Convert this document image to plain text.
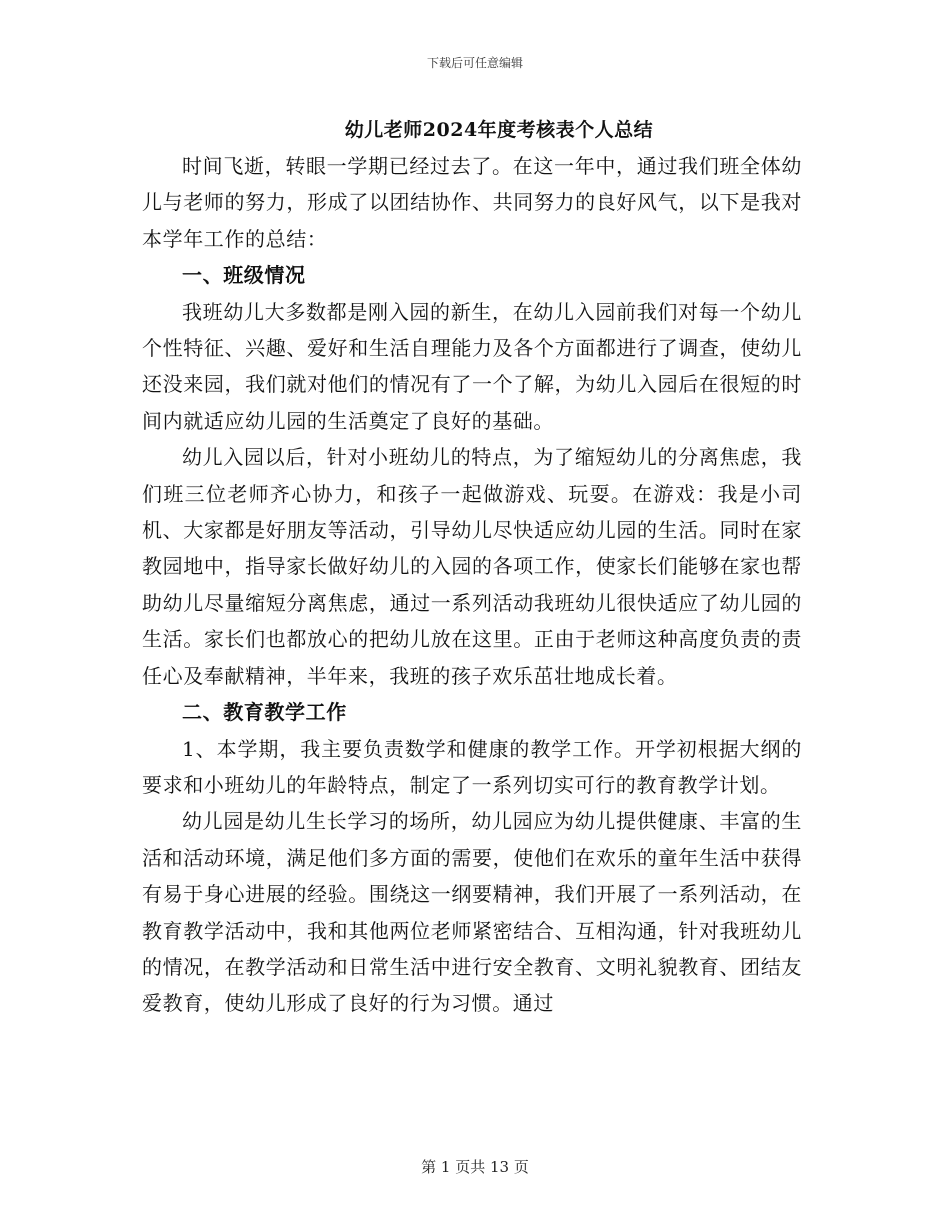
下载后可任意编辑
幼儿老师2024年度考核表个人总结

时间飞逝，转眼一学期已经过去了。在这一年中，通过我们班全体幼儿与老师的努力，形成了以团结协作、共同努力的良好风气，以下是我对本学年工作的总结：

一、班级情况

我班幼儿大多数都是刚入园的新生，在幼儿入园前我们对每一个幼儿个性特征、兴趣、爱好和生活自理能力及各个方面都进行了调查，使幼儿还没来园，我们就对他们的情况有了一个了解，为幼儿入园后在很短的时间内就适应幼儿园的生活奠定了良好的基础。

幼儿入园以后，针对小班幼儿的特点，为了缩短幼儿的分离焦虑，我们班三位老师齐心协力，和孩子一起做游戏、玩耍。在游戏：我是小司机、大家都是好朋友等活动，引导幼儿尽快适应幼儿园的生活。同时在家教园地中，指导家长做好幼儿的入园的各项工作，使家长们能够在家也帮助幼儿尽量缩短分离焦虑，通过一系列活动我班幼儿很快适应了幼儿园的生活。家长们也都放心的把幼儿放在这里。正由于老师这种高度负责的责任心及奉献精神，半年来，我班的孩子欢乐茁壮地成长着。

二、教育教学工作

1、本学期，我主要负责数学和健康的教学工作。开学初根据大纲的要求和小班幼儿的年龄特点，制定了一系列切实可行的教育教学计划。

幼儿园是幼儿生长学习的场所，幼儿园应为幼儿提供健康、丰富的生活和活动环境，满足他们多方面的需要，使他们在欢乐的童年生活中获得有易于身心进展的经验。围绕这一纲要精神，我们开展了一系列活动，在教育教学活动中，我和其他两位老师紧密结合、互相沟通，针对我班幼儿的情况，在教学活动和日常生活中进行安全教育、文明礼貌教育、团结友爱教育，使幼儿形成了良好的行为习惯。通过

第 1 页共 13 页
